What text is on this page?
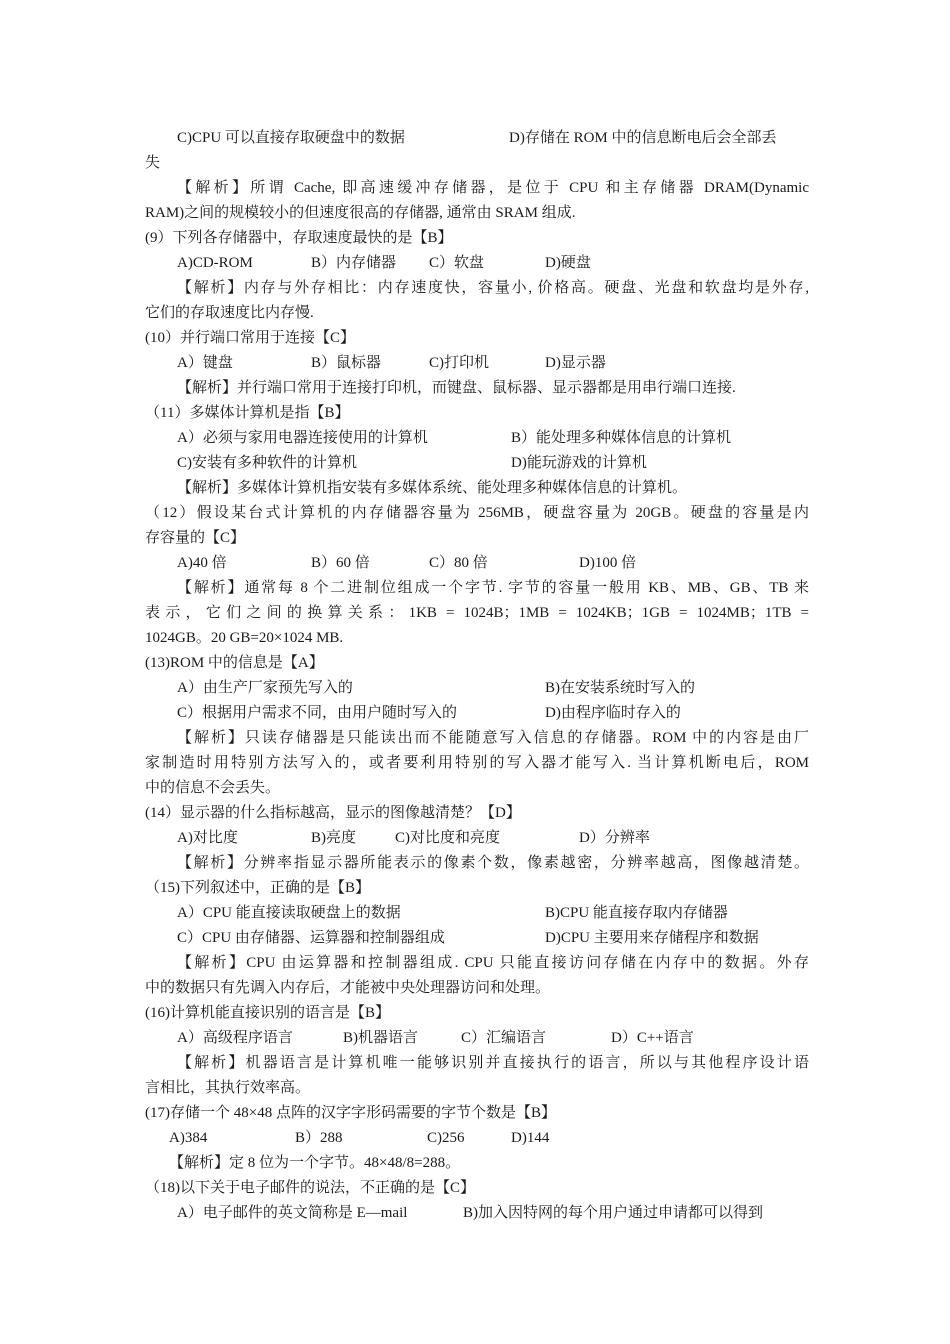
C)CPU 可以直接存取硬盘中的数据	D)存储在 ROM 中的信息断电后会全部丢
失
【解析】所谓 Cache, 即高速缓冲存储器，是位于 CPU 和主存储器 DRAM(Dynamic
RAM)之间的规模较小的但速度很高的存储器, 通常由 SRAM 组成.
(9）下列各存储器中，存取速度最快的是【B】
A)CD-ROM	B）内存储器 C）软盘	D)硬盘
【解析】内存与外存相比：内存速度快，容量小, 价格高。硬盘、光盘和软盘均是外存,
它们的存取速度比内存慢.
(10）并行端口常用于连接【C】
A）键盘	B）鼠标器	C)打印机	D)显示器
【解析】并行端口常用于连接打印机，而键盘、鼠标器、显示器都是用串行端口连接.
（11）多媒体计算机是指【B】
A）必须与家用电器连接使用的计算机	B）能处理多种媒体信息的计算机
C)安装有多种软件的计算机	D)能玩游戏的计算机
【解析】多媒体计算机指安装有多媒体系统、能处理多种媒体信息的计算机。
（12）假设某台式计算机的内存储器容量为 256MB，硬盘容量为 20GB。硬盘的容量是内
存容量的【C】
A)40 倍	B）60 倍	C）80 倍	D)100 倍
【解析】通常每 8 个二进制位组成一个字节. 字节的容量一般用 KB、MB、GB、TB 来
表示，它们之间的换算关系：1KB = 1024B；1MB = 1024KB；1GB = 1024MB；1TB =
1024GB。20 GB=20×1024 MB.
(13)ROM 中的信息是【A】
A）由生产厂家预先写入的	B)在安装系统时写入的
C）根据用户需求不同，由用户随时写入的	D)由程序临时存入的
【解析】只读存储器是只能读出而不能随意写入信息的存储器。ROM 中的内容是由厂
家制造时用特别方法写入的，或者要利用特别的写入器才能写入. 当计算机断电后，ROM
中的信息不会丢失。
(14）显示器的什么指标越高，显示的图像越清楚？【D】
A)对比度	B)亮度	C)对比度和亮度	D）分辨率
【解析】分辨率指显示器所能表示的像素个数，像素越密，分辨率越高，图像越清楚。
（15)下列叙述中，正确的是【B】
A）CPU 能直接读取硬盘上的数据	B)CPU 能直接存取内存储器
C）CPU 由存储器、运算器和控制器组成	D)CPU 主要用来存储程序和数据
【解析】CPU 由运算器和控制器组成. CPU 只能直接访问存储在内存中的数据。外存
中的数据只有先调入内存后，才能被中央处理器访问和处理。
(16)计算机能直接识别的语言是【B】
A）高级程序语言	B)机器语言	C）汇编语言	D）C++语言
【解析】机器语言是计算机唯一能够识别并直接执行的语言，所以与其他程序设计语
言相比，其执行效率高。
(17)存储一个 48×48 点阵的汉字字形码需要的字节个数是【B】
A)384	B）288	C)256	D)144
【解析】定 8 位为一个字节。48×48/8=288。
（18)以下关于电子邮件的说法，不正确的是【C】
A）电子邮件的英文简称是 E—mail	B)加入因特网的每个用户通过申请都可以得到
